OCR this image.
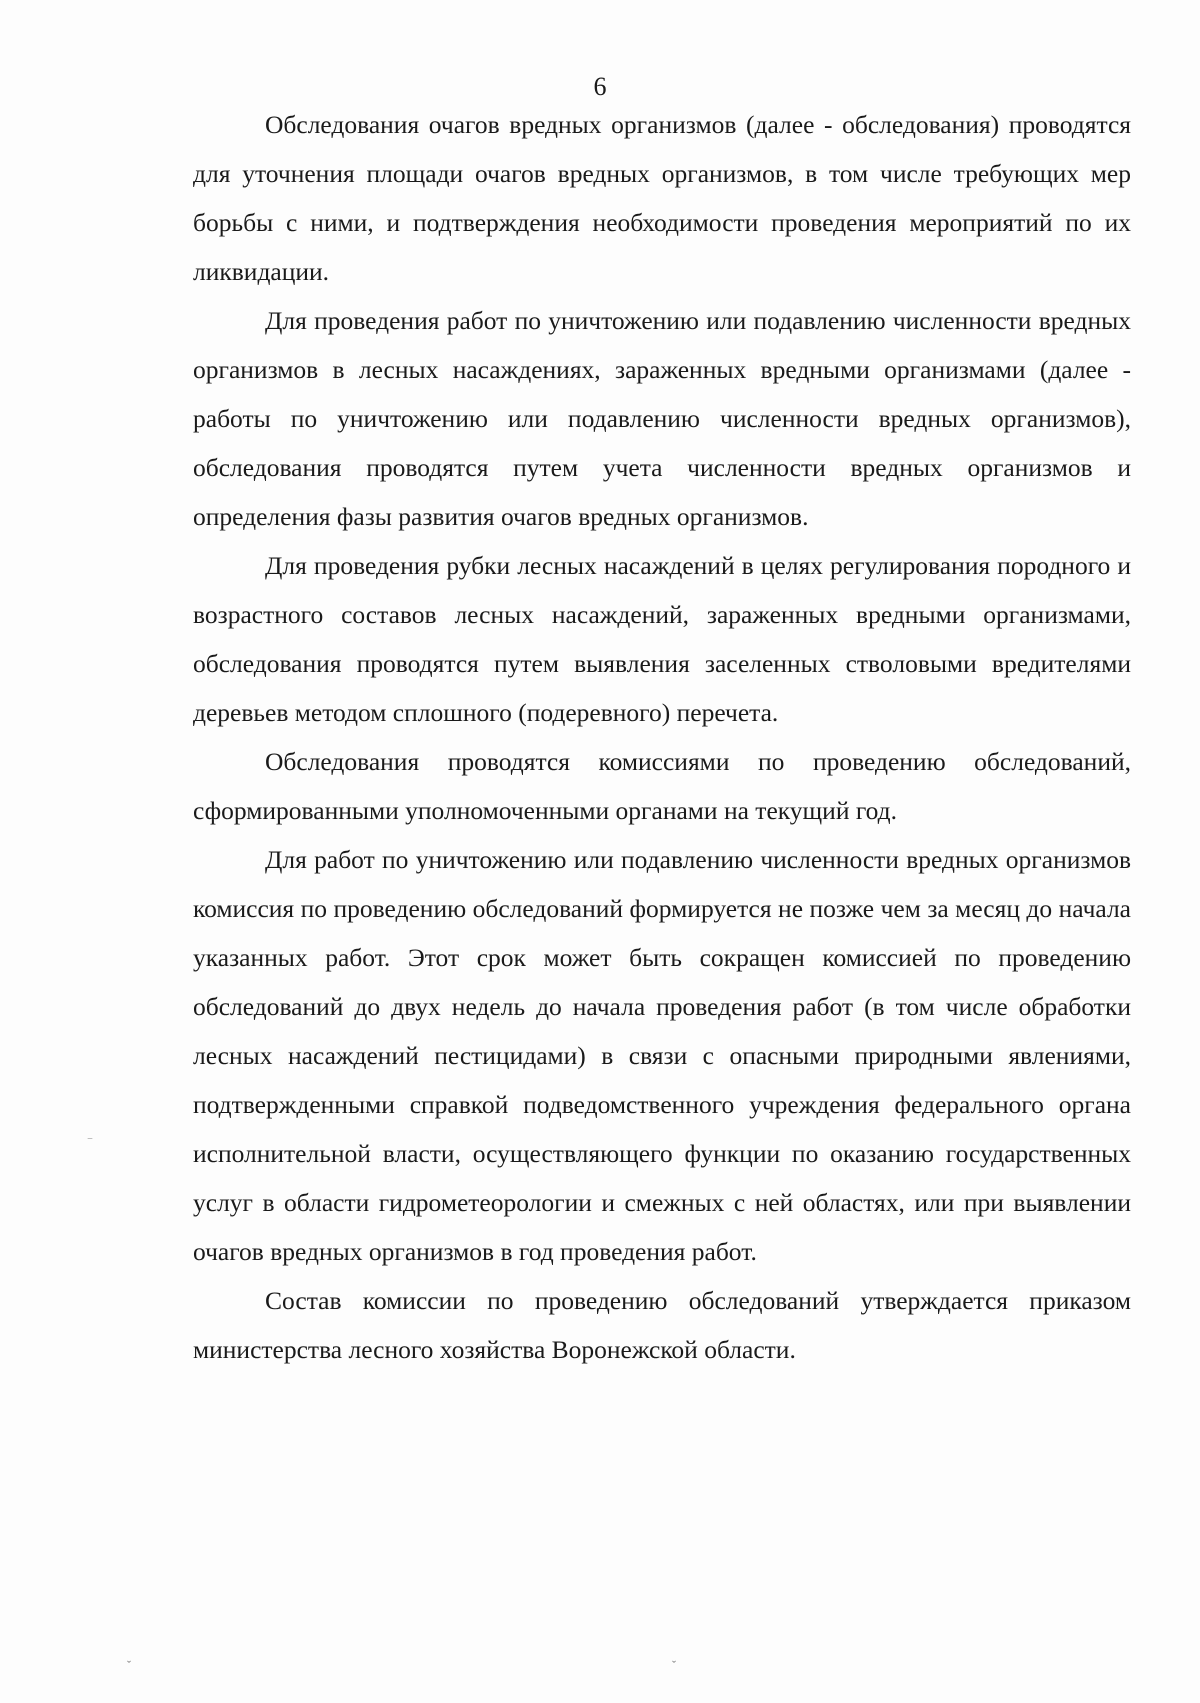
6

Обследования очагов вредных организмов (далее - обследования) проводятся для уточнения площади очагов вредных организмов, в том числе требующих мер борьбы с ними, и подтверждения необходимости проведения мероприятий по их ликвидации.

Для проведения работ по уничтожению или подавлению численности вредных организмов в лесных насаждениях, зараженных вредными организмами (далее - работы по уничтожению или подавлению численности вредных организмов), обследования проводятся путем учета численности вредных организмов и определения фазы развития очагов вредных организмов.

Для проведения рубки лесных насаждений в целях регулирования породного и возрастного составов лесных насаждений, зараженных вредными организмами, обследования проводятся путем выявления заселенных стволовыми вредителями деревьев методом сплошного (подеревного) перечета.

Обследования проводятся комиссиями по проведению обследований, сформированными уполномоченными органами на текущий год.

Для работ по уничтожению или подавлению численности вредных организмов комиссия по проведению обследований формируется не позже чем за месяц до начала указанных работ. Этот срок может быть сокращен комиссией по проведению обследований до двух недель до начала проведения работ (в том числе обработки лесных насаждений пестицидами) в связи с опасными природными явлениями, подтвержденными справкой подведомственного учреждения федерального органа исполнительной власти, осуществляющего функции по оказанию государственных услуг в области гидрометеорологии и смежных с ней областях, или при выявлении очагов вредных организмов в год проведения работ.

Состав комиссии по проведению обследований утверждается приказом министерства лесного хозяйства Воронежской области.

‾
ˇ	ˇ
